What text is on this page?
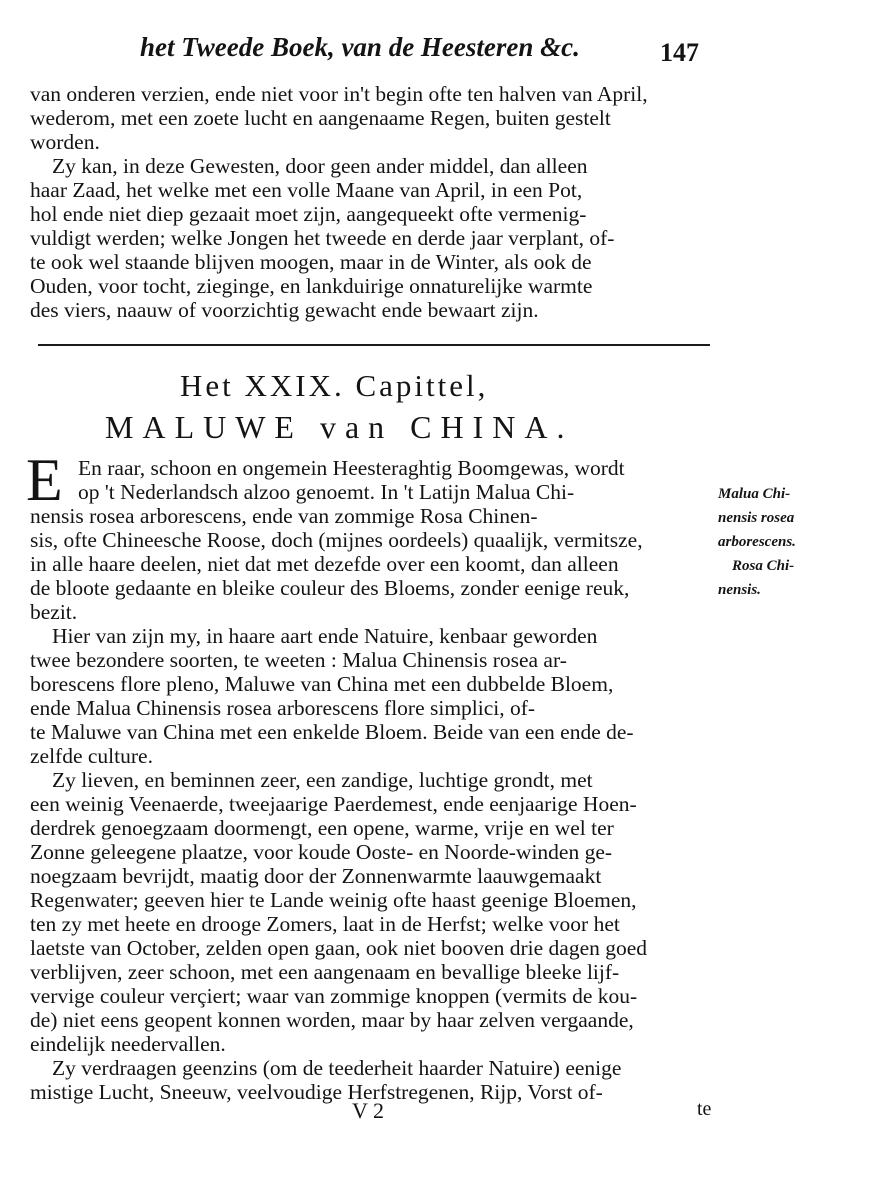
het Tweede Boek, van de Heesteren &c.	147
van onderen verzien, ende niet voor in't begin ofte ten halven van April,
wederom, met een zoete lucht en aangenaame Regen, buiten gestelt
worden.
Zy kan, in deze Gewesten, door geen ander middel, dan alleen
haar Zaad, het welke met een volle Maane van April, in een Pot,
hol ende niet diep gezaait moet zijn, aangequeekt ofte vermenig-
vuldigt werden; welke Jongen het tweede en derde jaar verplant, of-
te ook wel staande blijven moogen, maar in de Winter, als ook de
Ouden, voor tocht, zieginge, en lankduirige onnaturelijke warmte
des viers, naauw of voorzichtig gewacht ende bewaart zijn.
Het XXIX. Capittel,
MALUWE van CHINA.
E En raar, schoon en ongemein Heesteraghtig Boomgewas, wordt
op 't Nederlandsch alzoo genoemt. In 't Latijn Malua Chi-
nensis rosea arborescens, ende van zommige Rosa Chinen-
sis, ofte Chineesche Roose, doch (mijnes oordeels) quaalijk, vermitsze,
in alle haare deelen, niet dat met dezefde over een koomt, dan alleen
de bloote gedaante en bleike couleur des Bloems, zonder eenige reuk,
bezit.
Hier van zijn my, in haare aart ende Natuire, kenbaar geworden
twee bezondere soorten, te weeten : Malua Chinensis rosea ar-
borescens flore pleno, Maluwe van China met een dubbelde Bloem,
ende Malua Chinensis rosea arborescens flore simplici, of-
te Maluwe van China met een enkelde Bloem. Beide van een ende de-
zelfde culture.
Zy lieven, en beminnen zeer, een zandige, luchtige grondt, met
een weinig Veenaerde, tweejaarige Paerdemest, ende eenjaarige Hoen-
derdrek genoegzaam doormengt, een opene, warme, vrije en wel ter
Zonne geleegene plaatze, voor koude Ooste- en Noorde-winden ge-
noegzaam bevrijdt, maatig door der Zonnenwarmte laauwgemaakt
Regenwater; geeven hier te Lande weinig ofte haast geenige Bloemen,
ten zy met heete en drooge Zomers, laat in de Herfst; welke voor het
laetste van October, zelden open gaan, ook niet booven drie dagen goed
verblijven, zeer schoon, met een aangenaam en bevallige bleeke lijf-
vervige couleur verçiert; waar van zommige knoppen (vermits de kou-
de) niet eens geopent konnen worden, maar by haar zelven vergaande,
eindelijk needervallen.
Zy verdraagen geenzins (om de teederheit haarder Natuire) eenige
mistige Lucht, Sneeuw, veelvoudige Herfstregenen, Rijp, Vorst of-
Malua Chi-
nensis rosea
arborescens.
Rosa Chi-
nensis.
V 2	te
